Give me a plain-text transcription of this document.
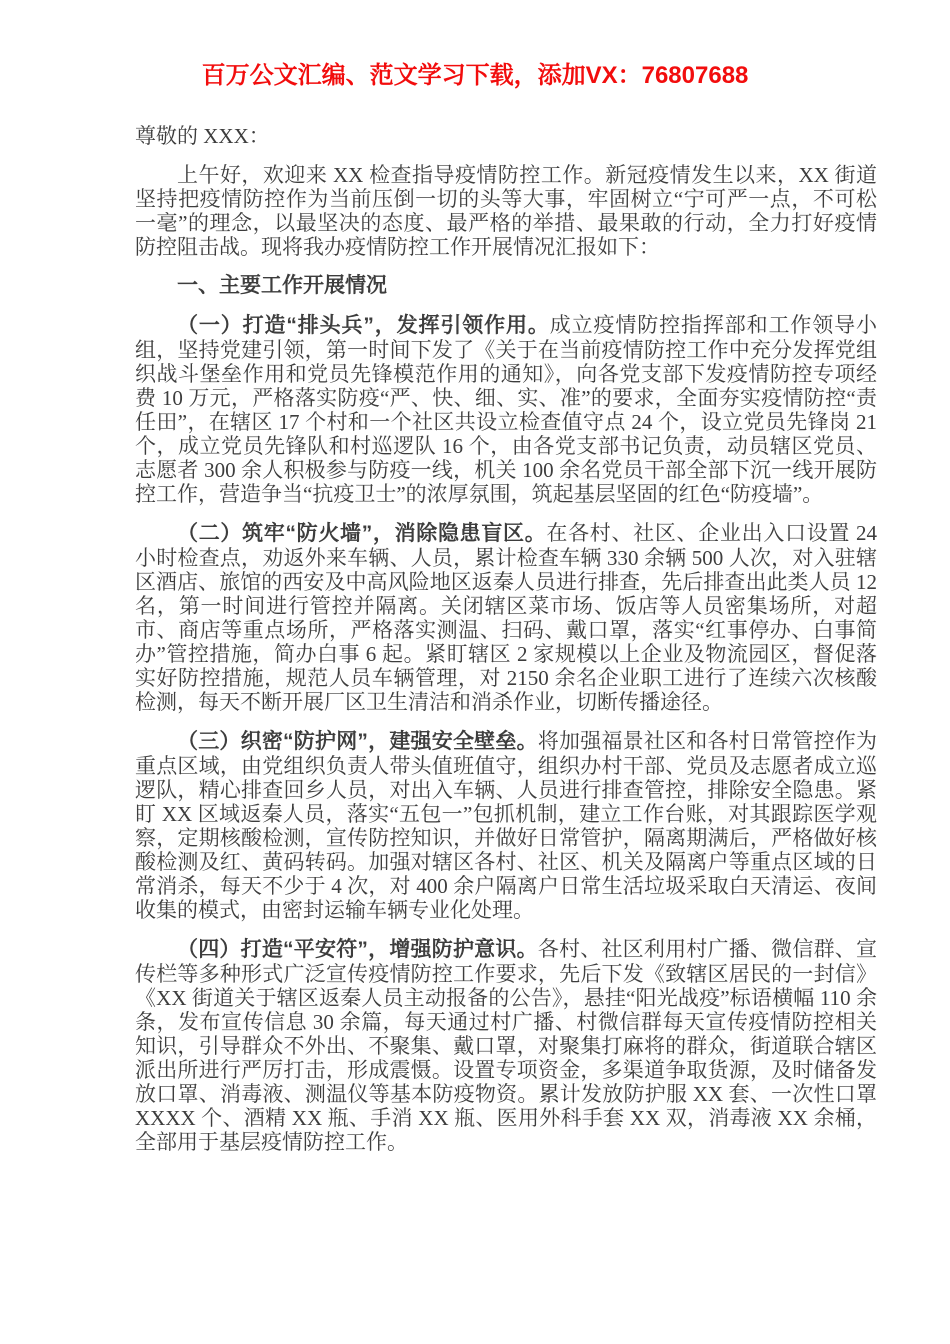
百万公文汇编、范文学习下载，添加VX：76807688

尊敬的 XXX：

上午好，欢迎来 XX 检查指导疫情防控工作。新冠疫情发生以来，XX 街道坚持把疫情防控作为当前压倒一切的头等大事，牢固树立“宁可严一点，不可松一毫”的理念，以最坚决的态度、最严格的举措、最果敢的行动，全力打好疫情防控阻击战。现将我办疫情防控工作开展情况汇报如下：

一、主要工作开展情况

（一）打造“排头兵”，发挥引领作用。成立疫情防控指挥部和工作领导小组，坚持党建引领，第一时间下发了《关于在当前疫情防控工作中充分发挥党组织战斗堡垒作用和党员先锋模范作用的通知》，向各党支部下发疫情防控专项经费 10 万元，严格落实防疫“严、快、细、实、准”的要求，全面夯实疫情防控“责任田”，在辖区 17 个村和一个社区共设立检查值守点 24 个，设立党员先锋岗 21 个，成立党员先锋队和村巡逻队 16 个，由各党支部书记负责，动员辖区党员、志愿者 300 余人积极参与防疫一线，机关 100 余名党员干部全部下沉一线开展防控工作，营造争当“抗疫卫士”的浓厚氛围，筑起基层坚固的红色“防疫墙”。

（二）筑牢“防火墙”，消除隐患盲区。在各村、社区、企业出入口设置 24 小时检查点，劝返外来车辆、人员，累计检查车辆 330 余辆 500 人次，对入驻辖区酒店、旅馆的西安及中高风险地区返秦人员进行排查，先后排查出此类人员 12 名，第一时间进行管控并隔离。关闭辖区菜市场、饭店等人员密集场所，对超市、商店等重点场所，严格落实测温、扫码、戴口罩，落实“红事停办、白事简办”管控措施，简办白事 6 起。紧盯辖区 2 家规模以上企业及物流园区，督促落实好防控措施，规范人员车辆管理，对 2150 余名企业职工进行了连续六次核酸检测，每天不断开展厂区卫生清洁和消杀作业，切断传播途径。

（三）织密“防护网”，建强安全壁垒。将加强福景社区和各村日常管控作为重点区域，由党组织负责人带头值班值守，组织办村干部、党员及志愿者成立巡逻队，精心排查回乡人员，对出入车辆、人员进行排查管控，排除安全隐患。紧盯 XX 区域返秦人员，落实“五包一”包抓机制，建立工作台账，对其跟踪医学观察，定期核酸检测，宣传防控知识，并做好日常管护，隔离期满后，严格做好核酸检测及红、黄码转码。加强对辖区各村、社区、机关及隔离户等重点区域的日常消杀，每天不少于 4 次，对 400 余户隔离户日常生活垃圾采取白天清运、夜间收集的模式，由密封运输车辆专业化处理。

（四）打造“平安符”，增强防护意识。各村、社区利用村广播、微信群、宣传栏等多种形式广泛宣传疫情防控工作要求，先后下发《致辖区居民的一封信》《XX 街道关于辖区返秦人员主动报备的公告》，悬挂“阳光战疫”标语横幅 110 余条，发布宣传信息 30 余篇，每天通过村广播、村微信群每天宣传疫情防控相关知识，引导群众不外出、不聚集、戴口罩，对聚集打麻将的群众，街道联合辖区派出所进行严厉打击，形成震慑。设置专项资金，多渠道争取货源，及时储备发放口罩、消毒液、测温仪等基本防疫物资。累计发放防护服 XX 套、一次性口罩 XXXX 个、酒精 XX 瓶、手消 XX 瓶、医用外科手套 XX 双，消毒液 XX 余桶，全部用于基层疫情防控工作。
